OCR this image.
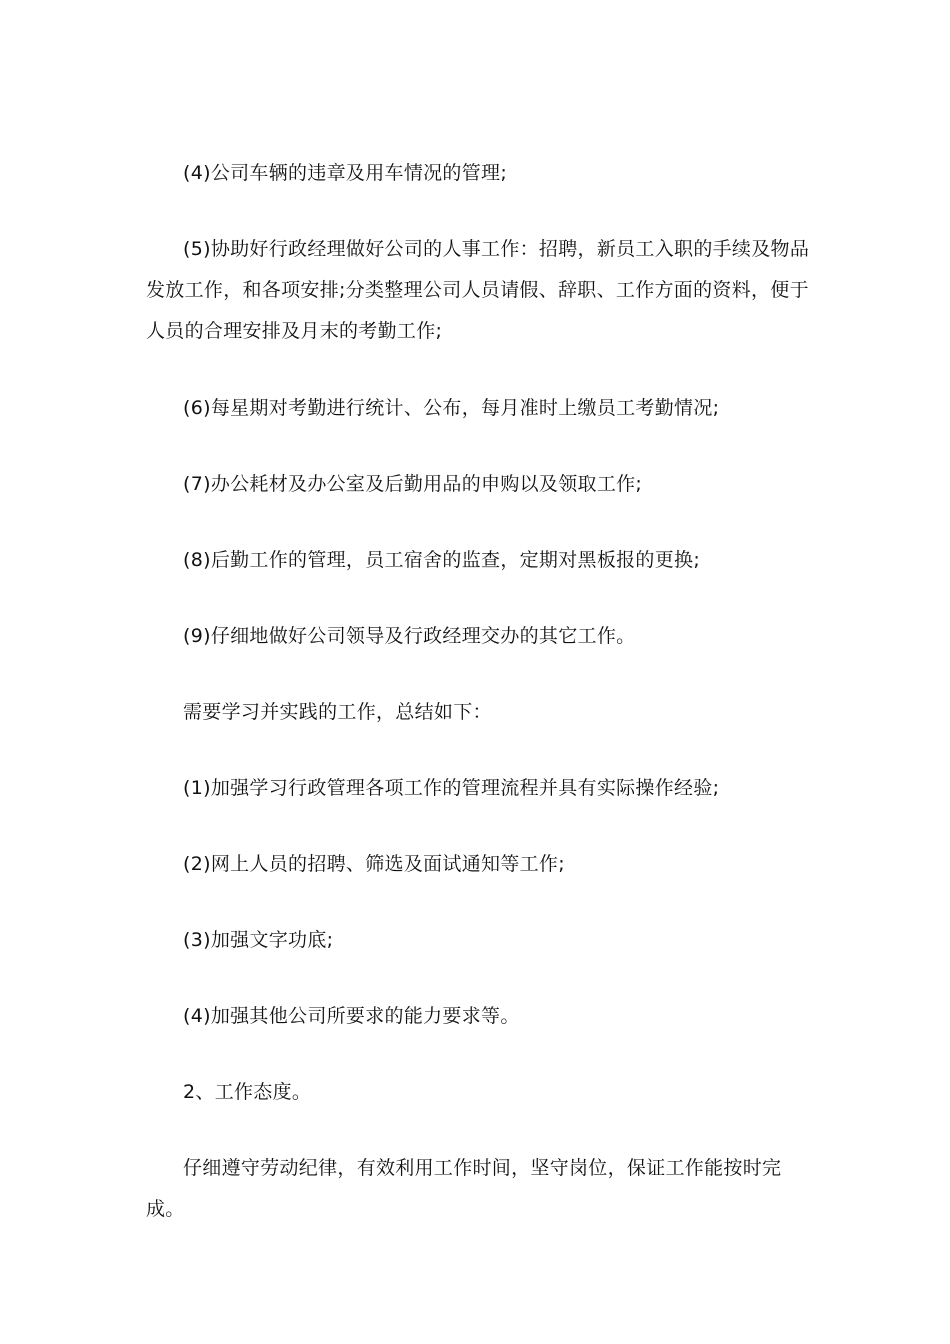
(4)公司车辆的违章及用车情况的管理;

(5)协助好行政经理做好公司的人事工作：招聘，新员工入职的手续及物品发放工作，和各项安排;分类整理公司人员请假、辞职、工作方面的资料，便于人员的合理安排及月末的考勤工作;

(6)每星期对考勤进行统计、公布，每月准时上缴员工考勤情况;

(7)办公耗材及办公室及后勤用品的申购以及领取工作;

(8)后勤工作的管理，员工宿舍的监查，定期对黑板报的更换;

(9)仔细地做好公司领导及行政经理交办的其它工作。

需要学习并实践的工作，总结如下：

(1)加强学习行政管理各项工作的管理流程并具有实际操作经验;

(2)网上人员的招聘、筛选及面试通知等工作;

(3)加强文字功底;

(4)加强其他公司所要求的能力要求等。

2、工作态度。

仔细遵守劳动纪律，有效利用工作时间，坚守岗位，保证工作能按时完成。
